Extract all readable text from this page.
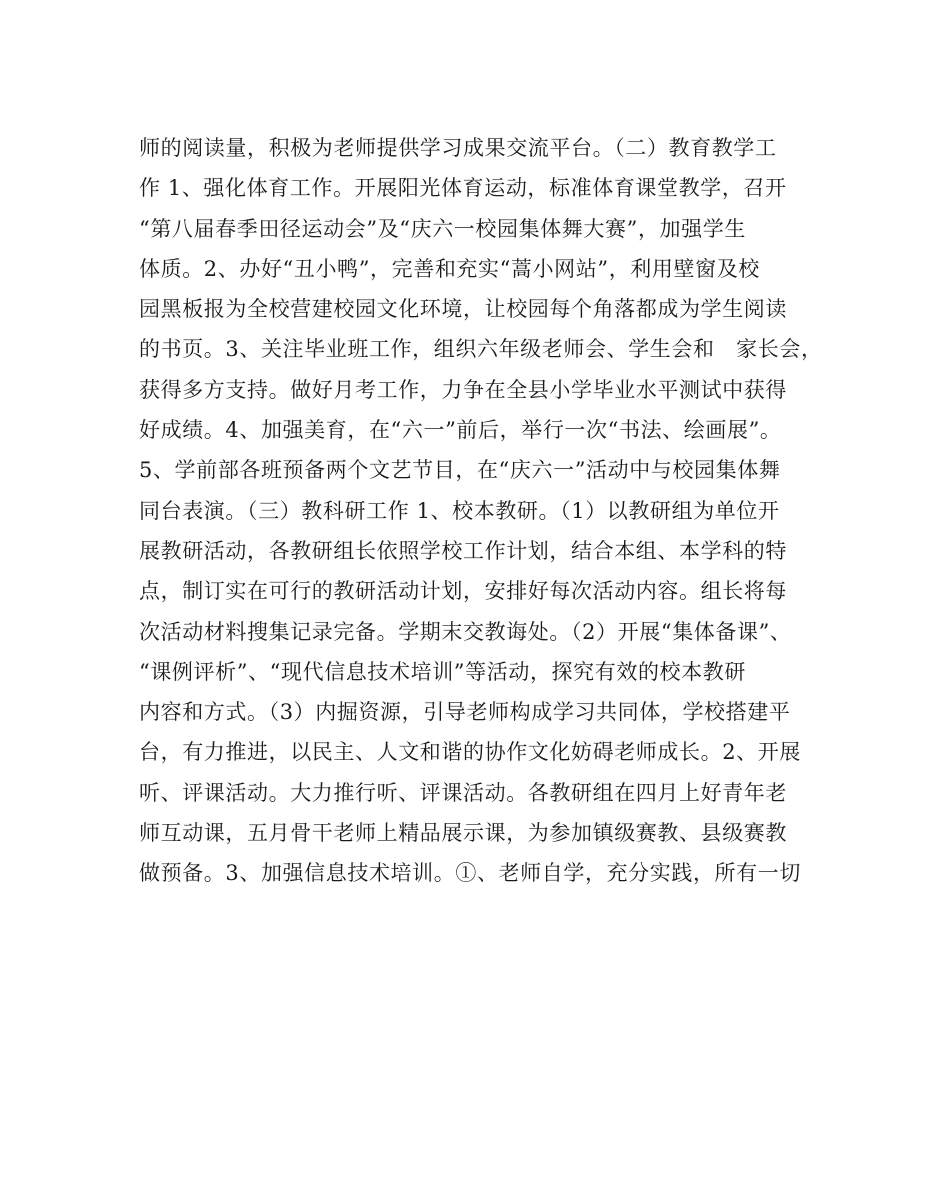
师的阅读量，积极为老师提供学习成果交流平台。（二）教育教学工
作 1、强化体育工作。开展阳光体育运动，标准体育课堂教学，召开
“第八届春季田径运动会”及“庆六一校园集体舞大赛”，加强学生
体质。2、办好“丑小鸭”，完善和充实“蒿小网站”，利用壁窗及校
园黑板报为全校营建校园文化环境，让校园每个角落都成为学生阅读
的书页。3、关注毕业班工作，组织六年级老师会、学生会和　家长会，
获得多方支持。做好月考工作，力争在全县小学毕业水平测试中获得
好成绩。4、加强美育，在“六一”前后，举行一次“书法、绘画展”。
5、学前部各班预备两个文艺节目，在“庆六一”活动中与校园集体舞
同台表演。（三）教科研工作 1、校本教研。（1）以教研组为单位开
展教研活动，各教研组长依照学校工作计划，结合本组、本学科的特
点，制订实在可行的教研活动计划，安排好每次活动内容。组长将每
次活动材料搜集记录完备。学期末交教诲处。（2）开展“集体备课”、
“课例评析”、“现代信息技术培训”等活动，探究有效的校本教研
内容和方式。（3）内掘资源，引导老师构成学习共同体，学校搭建平
台，有力推进，以民主、人文和谐的协作文化妨碍老师成长。2、开展
听、评课活动。大力推行听、评课活动。各教研组在四月上好青年老
师互动课，五月骨干老师上精品展示课，为参加镇级赛教、县级赛教
做预备。3、加强信息技术培训。①、老师自学，充分实践，所有一切
